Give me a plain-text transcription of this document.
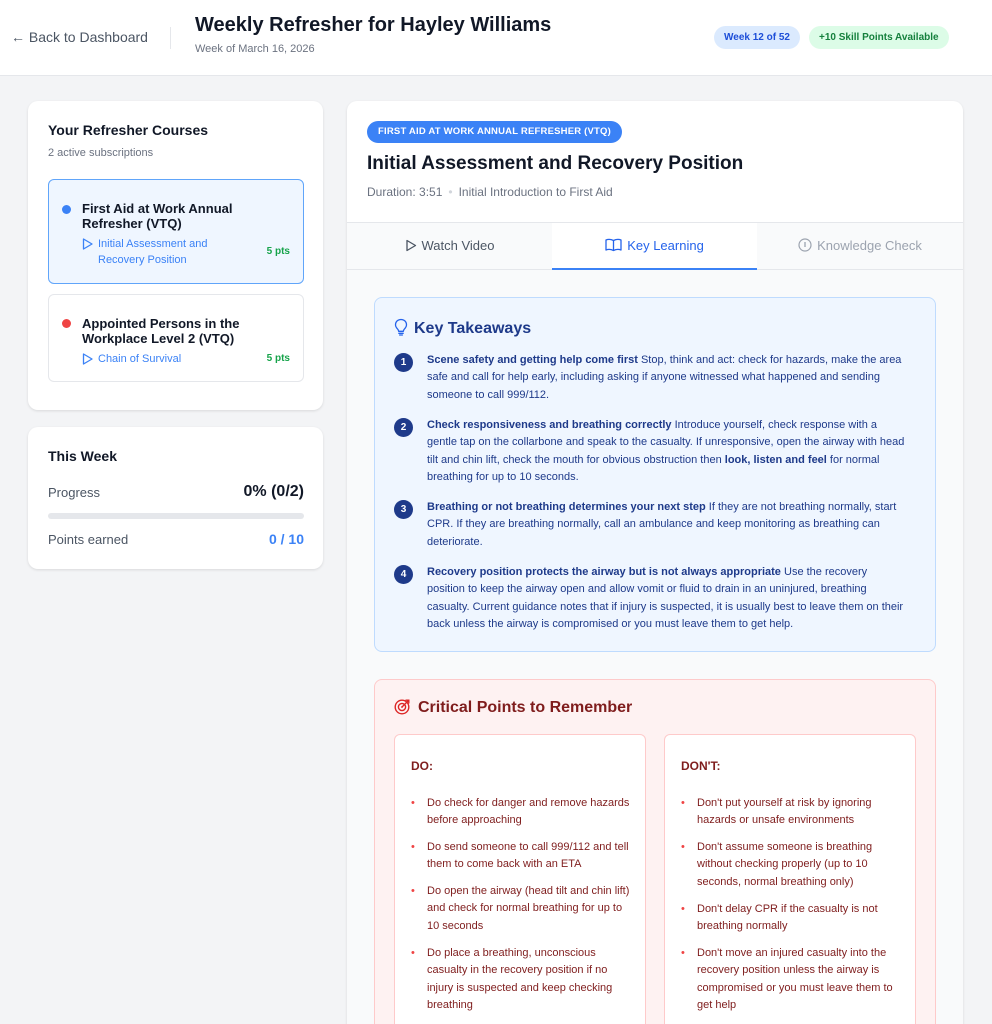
← Back to Dashboard
Weekly Refresher for Hayley Williams
Week of March 16, 2026
Week 12 of 52	+10 Skill Points Available
Your Refresher Courses
2 active subscriptions
First Aid at Work Annual Refresher (VTQ)
Initial Assessment and Recovery Position
5 pts
Appointed Persons in the Workplace Level 2 (VTQ)
Chain of Survival	5 pts
This Week
Progress	0% (0/2)
Points earned	0 / 10
FIRST AID AT WORK ANNUAL REFRESHER (VTQ)
Initial Assessment and Recovery Position
Duration: 3:51 • Initial Introduction to First Aid
Watch Video	Key Learning	Knowledge Check
Key Takeaways
1	Scene safety and getting help come first Stop, think and act: check for hazards, make the area safe and call for help early, including asking if anyone witnessed what happened and sending someone to call 999/112.
2	Check responsiveness and breathing correctly Introduce yourself, check response with a gentle tap on the collarbone and speak to the casualty. If unresponsive, open the airway with head tilt and chin lift, check the mouth for obvious obstruction then look, listen and feel for normal breathing for up to 10 seconds.
3	Breathing or not breathing determines your next step If they are not breathing normally, start CPR. If they are breathing normally, call an ambulance and keep monitoring as breathing can deteriorate.
4	Recovery position protects the airway but is not always appropriate Use the recovery position to keep the airway open and allow vomit or fluid to drain in an uninjured, breathing casualty. Current guidance notes that if injury is suspected, it is usually best to leave them on their back unless the airway is compromised or you must leave them to get help.
Critical Points to Remember
DO:
• Do check for danger and remove hazards before approaching
• Do send someone to call 999/112 and tell them to come back with an ETA
• Do open the airway (head tilt and chin lift) and check for normal breathing for up to 10 seconds
• Do place a breathing, unconscious casualty in the recovery position if no injury is suspected and keep checking breathing
DON'T:
• Don't put yourself at risk by ignoring hazards or unsafe environments
• Don't assume someone is breathing without checking properly (up to 10 seconds, normal breathing only)
• Don't delay CPR if the casualty is not breathing normally
• Don't move an injured casualty into the recovery position unless the airway is compromised or you must leave them to get help
